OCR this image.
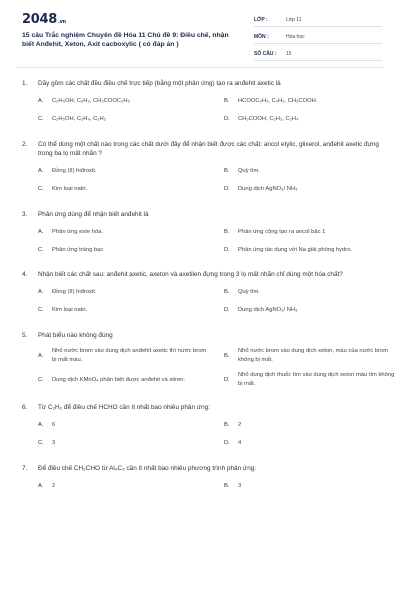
2048.vn
15 câu Trắc nghiệm Chuyên đề Hóa 11 Chủ đề 9: Điều chế, nhận biết Anđehit, Xeton, Axit cacboxylic ( có đáp án )
LỚP :	Lớp 11
MÔN :	Hóa học
SỐ CÂU :	15
1.	Dãy gồm các chất đều điều chế trực tiếp (bằng một phản ứng) tạo ra anđehit axetic là
A.	C₂H₅OH, C₂H₂, CH₃COOC₂H₅	B.	HCOOC₂H₃, C₂H₂, CH₃COOH.
C.	C₂H₅OH, C₂H₄, C₂H₂	D.	CH₃COOH, C₂H₂, C₂H₄
2.	Có thể dùng một chất nào trong các chất dưới đây để nhận biết được các chất: ancol etylic, glixerol, anđehit axetic đựng trong ba lọ mất nhãn ?
A.	Đồng (II) hiđroxit.	B.	Quỳ tím.
C.	Kim loại natri.	D.	Dung dịch AgNO₃/ NH₃
3.	Phản ứng dùng để nhận biết anđehit là
A.	Phản ứng este hóa.	B.	Phản ứng cộng tạo ra ancol bậc 1
C.	Phản ứng tráng bạc	D.	Phản ứng tác dụng với Na giải phóng hydro.
4.	Nhận biết các chất sau: anđehit axetic, axeton và axetilen đựng trong 3 lọ mất nhãn chỉ dùng một hóa chất?
A.	Đồng (II) hiđroxit.	B.	Quỳ tím.
C.	Kim loại natri.	D.	Dung dịch AgNO₃/ NH₃
5.	Phát biểu nào không đúng
A.
Nhỏ nước brom vào dung dịch anđehit axetic thì nước brom bị mất màu.
B.
Nhỏ nước brom vào dung dịch xeton, màu của nước brom không bị mất.
C.	Dung dịch KMnO₄ phân biệt được anđehit và stiren.	D.
Nhỏ dung dịch thuốc tím vào dung dịch xeton màu tím không bị mất.
6.	Từ C₂H₂ để điều chế HCHO cần ít nhất bao nhiêu phản ứng:
A.	6	B.	2
C.	3	D.	4
7.	Để điều chế CH₃CHO từ Al₄C₃ cần ít nhất bao nhiêu phương trình phản ứng:
A.	2	B.	3
